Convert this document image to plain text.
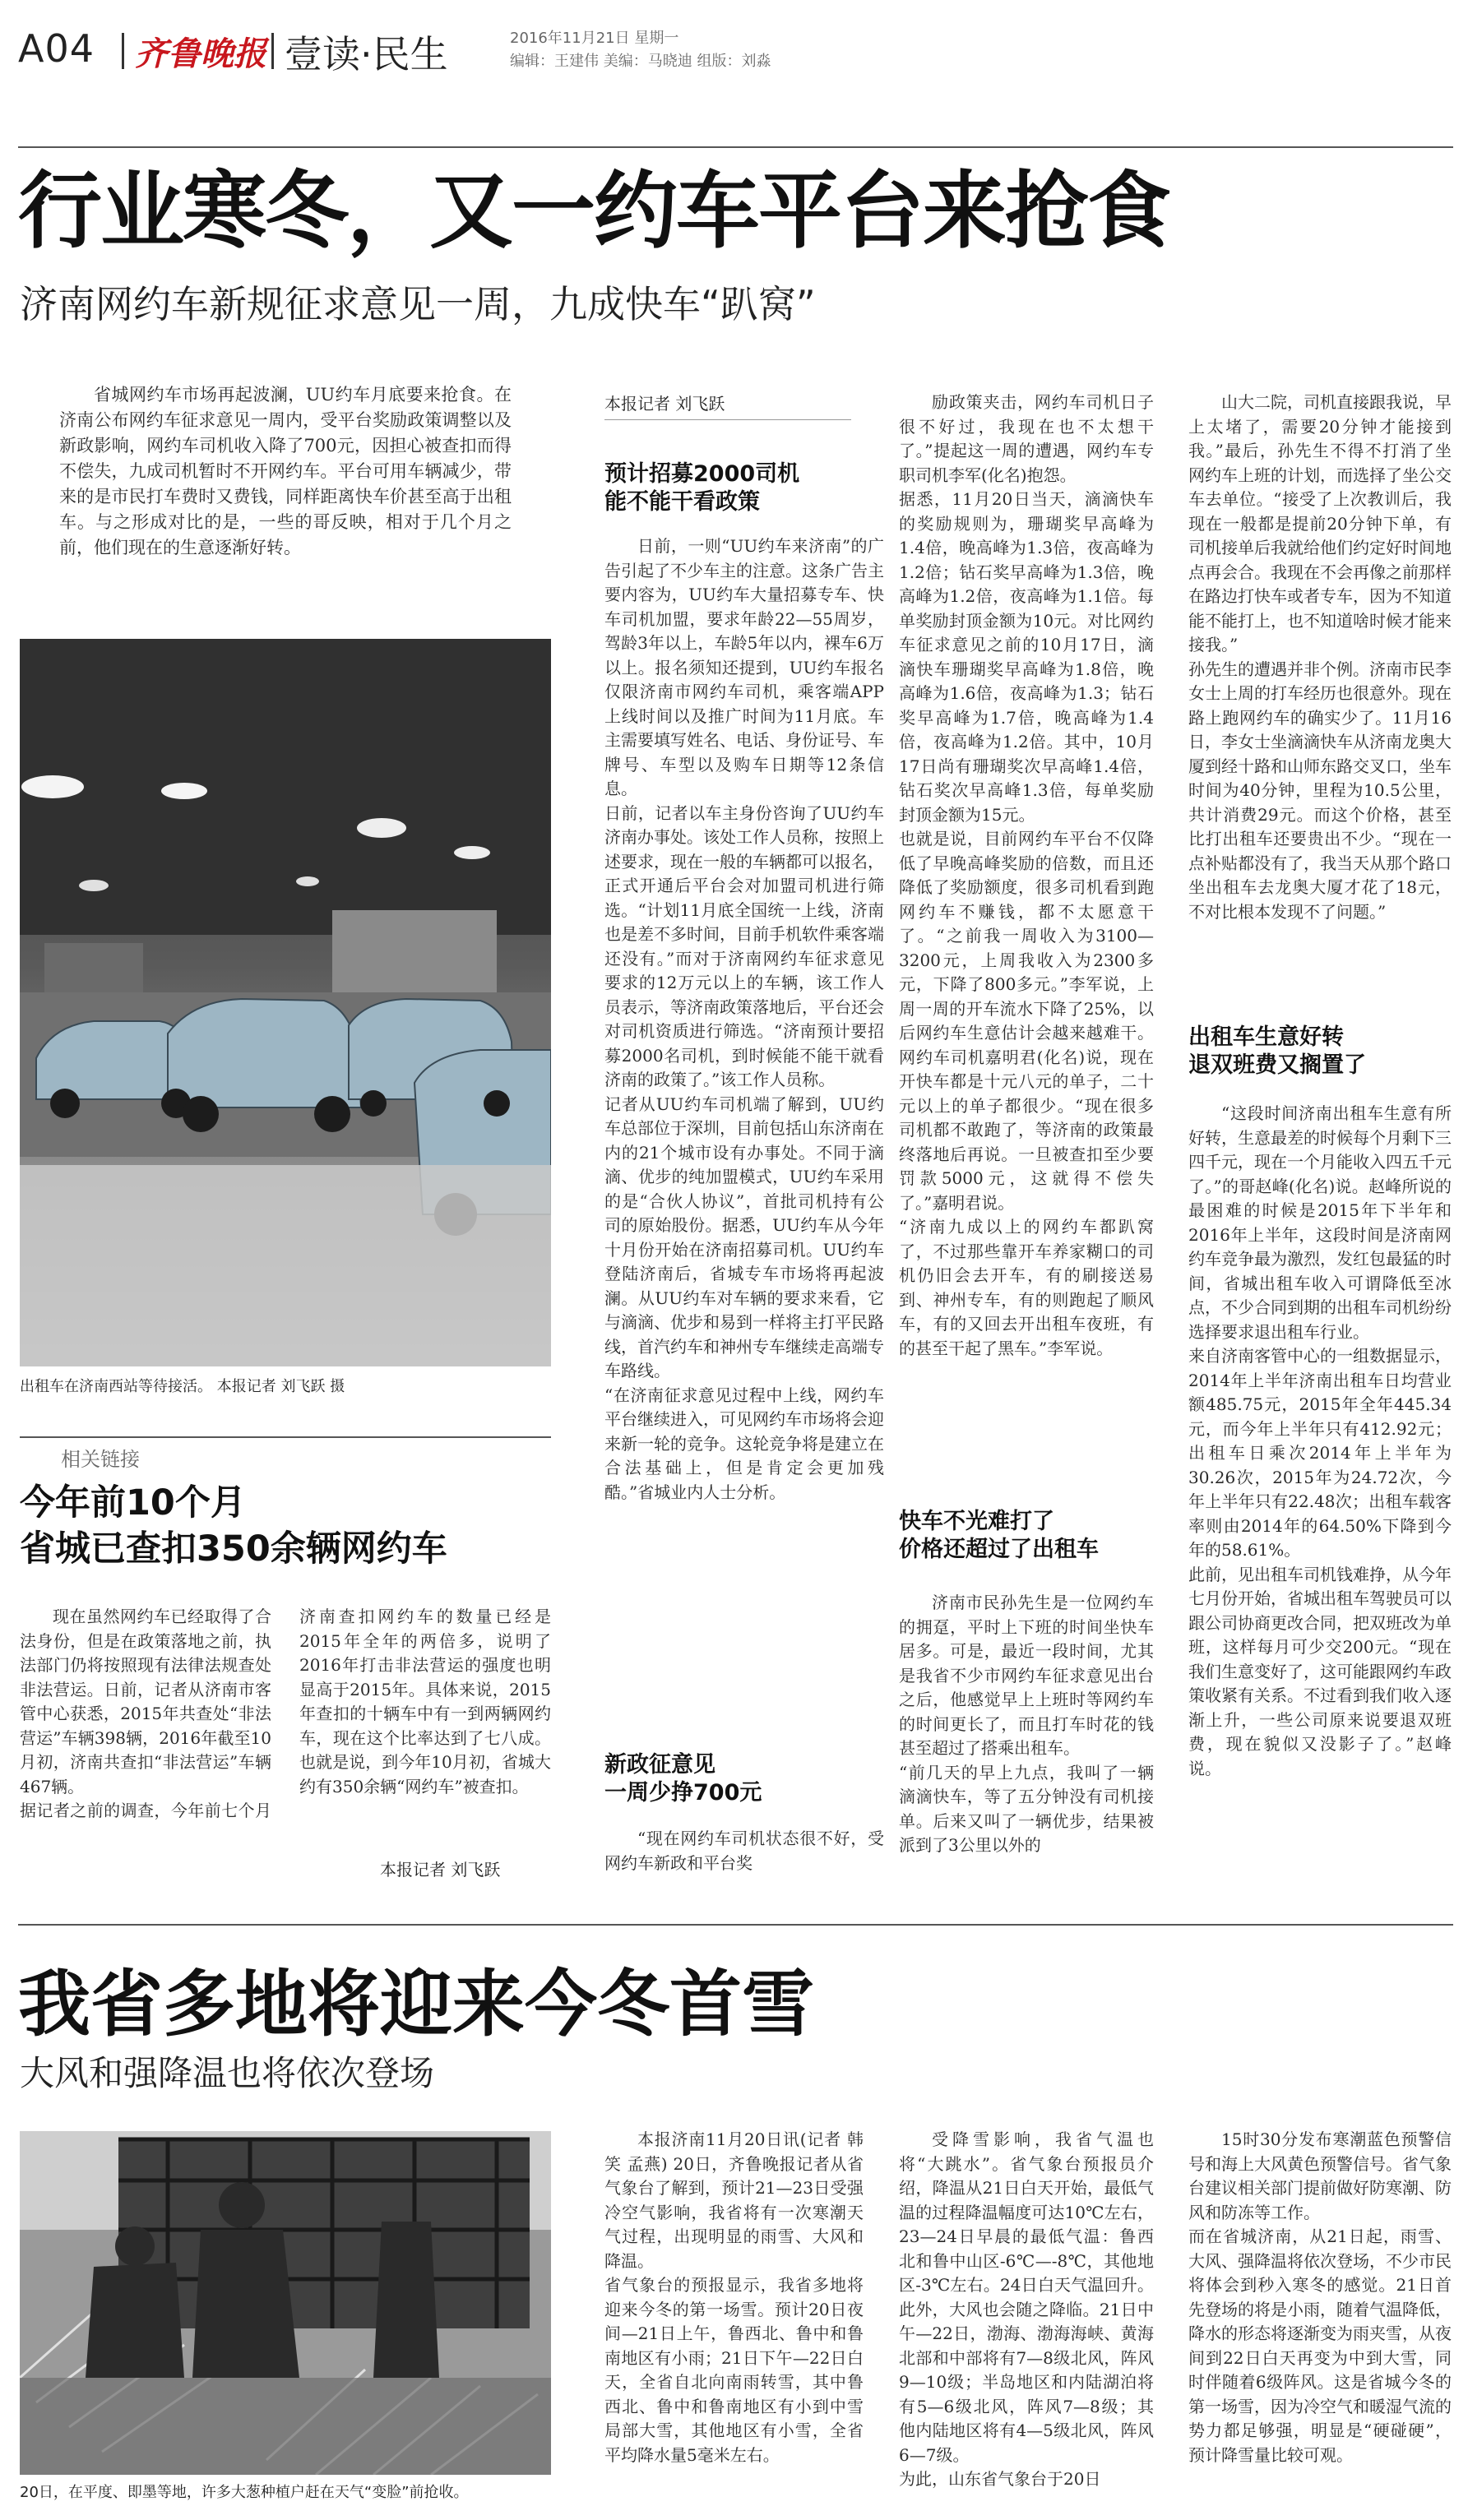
A04 齐鲁晚报 壹读·民生	2016年11月21日 星期一
编辑：王建伟 美编：马晓迪 组版：刘淼
行业寒冬，又一约车平台来抢食
济南网约车新规征求意见一周，九成快车“趴窝”

省城网约车市场再起波澜，UU约车月底要来抢食。在济南公布网约车征求意见一周内，受平台奖励政策调整以及新政影响，网约车司机收入降了700元，因担心被查扣而得不偿失，九成司机暂时不开网约车。平台可用车辆减少，带来的是市民打车费时又费钱，同样距离快车价甚至高于出租车。与之形成对比的是，一些的哥反映，相对于几个月之前，他们现在的生意逐渐好转。

出租车在济南西站等待接活。 本报记者 刘飞跃 摄
相关链接
今年前10个月
省城已查扣350余辆网约车

现在虽然网约车已经取得了合法身份，但是在政策落地之前，执法部门仍将按照现有法律法规查处非法营运。日前，记者从济南市客管中心获悉，2015年共查处“非法营运”车辆398辆，2016年截至10月初，济南共查扣“非法营运”车辆467辆。
据记者之前的调查，今年前七个月济南查扣网约车的数量已经是2015年全年的两倍多，说明了2016年打击非法营运的强度也明显高于2015年。具体来说，2015年查扣的十辆车中有一到两辆网约车，现在这个比率达到了七八成。也就是说，到今年10月初，省城大约有350余辆“网约车”被查扣。

本报记者 刘飞跃
本报记者 刘飞跃
预计招募2000司机
能不能干看政策

日前，一则“UU约车来济南”的广告引起了不少车主的注意。这条广告主要内容为，UU约车大量招募专车、快车司机加盟，要求年龄22—55周岁，驾龄3年以上，车龄5年以内，裸车6万以上。报名须知还提到，UU约车报名仅限济南市网约车司机，乘客端APP上线时间以及推广时间为11月底。车主需要填写姓名、电话、身份证号、车牌号、车型以及购车日期等12条信息。
日前，记者以车主身份咨询了UU约车济南办事处。该处工作人员称，按照上述要求，现在一般的车辆都可以报名，正式开通后平台会对加盟司机进行筛选。“计划11月底全国统一上线，济南也是差不多时间，目前手机软件乘客端还没有。”而对于济南网约车征求意见要求的12万元以上的车辆，该工作人员表示，等济南政策落地后，平台还会对司机资质进行筛选。“济南预计要招募2000名司机，到时候能不能干就看济南的政策了。”该工作人员称。
记者从UU约车司机端了解到，UU约车总部位于深圳，目前包括山东济南在内的21个城市设有办事处。不同于滴滴、优步的纯加盟模式，UU约车采用的是“合伙人协议”，首批司机持有公司的原始股份。据悉，UU约车从今年十月份开始在济南招募司机。UU约车登陆济南后，省城专车市场将再起波澜。从UU约车对车辆的要求来看，它与滴滴、优步和易到一样将主打平民路线，首汽约车和神州专车继续走高端专车路线。
“在济南征求意见过程中上线，网约车平台继续进入，可见网约车市场将会迎来新一轮的竞争。这轮竞争将是建立在合法基础上，但是肯定会更加残酷。”省城业内人士分析。

新政征意见
一周少挣700元

“现在网约车司机状态很不好，受网约车新政和平台奖

励政策夹击，网约车司机日子很不好过，我现在也不太想干了。”提起这一周的遭遇，网约车专职司机李军(化名)抱怨。
据悉，11月20日当天，滴滴快车的奖励规则为，珊瑚奖早高峰为1.4倍，晚高峰为1.3倍，夜高峰为1.2倍；钻石奖早高峰为1.3倍，晚高峰为1.2倍，夜高峰为1.1倍。每单奖励封顶金额为10元。对比网约车征求意见之前的10月17日，滴滴快车珊瑚奖早高峰为1.8倍，晚高峰为1.6倍，夜高峰为1.3；钻石奖早高峰为1.7倍，晚高峰为1.4倍，夜高峰为1.2倍。其中，10月17日尚有珊瑚奖次早高峰1.4倍，钻石奖次早高峰1.3倍，每单奖励封顶金额为15元。
也就是说，目前网约车平台不仅降低了早晚高峰奖励的倍数，而且还降低了奖励额度，很多司机看到跑网约车不赚钱，都不太愿意干了。“之前我一周收入为3100—3200元，上周我收入为2300多元，下降了800多元。”李军说，上周一周的开车流水下降了25%，以后网约车生意估计会越来越难干。网约车司机嘉明君(化名)说，现在开快车都是十元八元的单子，二十元以上的单子都很少。“现在很多司机都不敢跑了，等济南的政策最终落地后再说。一旦被查扣至少要罚款5000元，这就得不偿失了。”嘉明君说。
“济南九成以上的网约车都趴窝了，不过那些靠开车养家糊口的司机仍旧会去开车，有的刷接送易到、神州专车，有的则跑起了顺风车，有的又回去开出租车夜班，有的甚至干起了黑车。”李军说。

快车不光难打了
价格还超过了出租车

济南市民孙先生是一位网约车的拥趸，平时上下班的时间坐快车居多。可是，最近一段时间，尤其是我省不少市网约车征求意见出台之后，他感觉早上上班时等网约车的时间更长了，而且打车时花的钱甚至超过了搭乘出租车。
“前几天的早上九点，我叫了一辆滴滴快车，等了五分钟没有司机接单。后来又叫了一辆优步，结果被派到了3公里以外的

山大二院，司机直接跟我说，早上太堵了，需要20分钟才能接到我。”最后，孙先生不得不打消了坐网约车上班的计划，而选择了坐公交车去单位。“接受了上次教训后，我现在一般都是提前20分钟下单，有司机接单后我就给他们约定好时间地点再会合。我现在不会再像之前那样在路边打快车或者专车，因为不知道能不能打上，也不知道啥时候才能来接我。”
孙先生的遭遇并非个例。济南市民李女士上周的打车经历也很意外。现在路上跑网约车的确实少了。11月16日，李女士坐滴滴快车从济南龙奥大厦到经十路和山师东路交叉口，坐车时间为40分钟，里程为10.5公里，共计消费29元。而这个价格，甚至比打出租车还要贵出不少。“现在一点补贴都没有了，我当天从那个路口坐出租车去龙奥大厦才花了18元，不对比根本发现不了问题。”

出租车生意好转
退双班费又搁置了

“这段时间济南出租车生意有所好转，生意最差的时候每个月剩下三四千元，现在一个月能收入四五千元了。”的哥赵峰(化名)说。赵峰所说的最困难的时候是2015年下半年和2016年上半年，这段时间是济南网约车竞争最为激烈，发红包最猛的时间，省城出租车收入可谓降低至冰点，不少合同到期的出租车司机纷纷选择要求退出租车行业。
来自济南客管中心的一组数据显示，2014年上半年济南出租车日均营业额485.75元，2015年全年445.34元，而今年上半年只有412.92元；出租车日乘次2014年上半年为30.26次，2015年为24.72次，今年上半年只有22.48次；出租车载客率则由2014年的64.50%下降到今年的58.61%。
此前，见出租车司机钱难挣，从今年七月份开始，省城出租车驾驶员可以跟公司协商更改合同，把双班改为单班，这样每月可少交200元。“现在我们生意变好了，这可能跟网约车政策收紧有关系。不过看到我们收入逐渐上升，一些公司原来说要退双班费，现在貌似又没影子了。”赵峰说。

我省多地将迎来今冬首雪
大风和强降温也将依次登场
20日，在平度、即墨等地，许多大葱种植户赶在天气“变脸”前抢收。

本报济南11月20日讯(记者 韩笑 孟燕) 20日，齐鲁晚报记者从省气象台了解到，预计21—23日受强冷空气影响，我省将有一次寒潮天气过程，出现明显的雨雪、大风和降温。
省气象台的预报显示，我省多地将迎来今冬的第一场雪。预计20日夜间—21日上午，鲁西北、鲁中和鲁南地区有小雨；21日下午—22日白天，全省自北向南雨转雪，其中鲁西北、鲁中和鲁南地区有小到中雪局部大雪，其他地区有小雪，全省平均降水量5毫米左右。

受降雪影响，我省气温也将“大跳水”。省气象台预报员介绍，降温从21日白天开始，最低气温的过程降温幅度可达10℃左右，23—24日早晨的最低气温：鲁西北和鲁中山区-6℃—-8℃，其他地区-3℃左右。24日白天气温回升。此外，大风也会随之降临。21日中午—22日，渤海、渤海海峡、黄海北部和中部将有7—8级北风，阵风9—10级；半岛地区和内陆湖泊将有5—6级北风，阵风7—8级；其他内陆地区将有4—5级北风，阵风6—7级。
为此，山东省气象台于20日

15时30分发布寒潮蓝色预警信号和海上大风黄色预警信号。省气象台建议相关部门提前做好防寒潮、防风和防冻等工作。
而在省城济南，从21日起，雨雪、大风、强降温将依次登场，不少市民将体会到秒入寒冬的感觉。21日首先登场的将是小雨，随着气温降低，降水的形态将逐渐变为雨夹雪，从夜间到22日白天再变为中到大雪，同时伴随着6级阵风。这是省城今冬的第一场雪，因为冷空气和暖湿气流的势力都足够强，明显是“硬碰硬”，预计降雪量比较可观。
